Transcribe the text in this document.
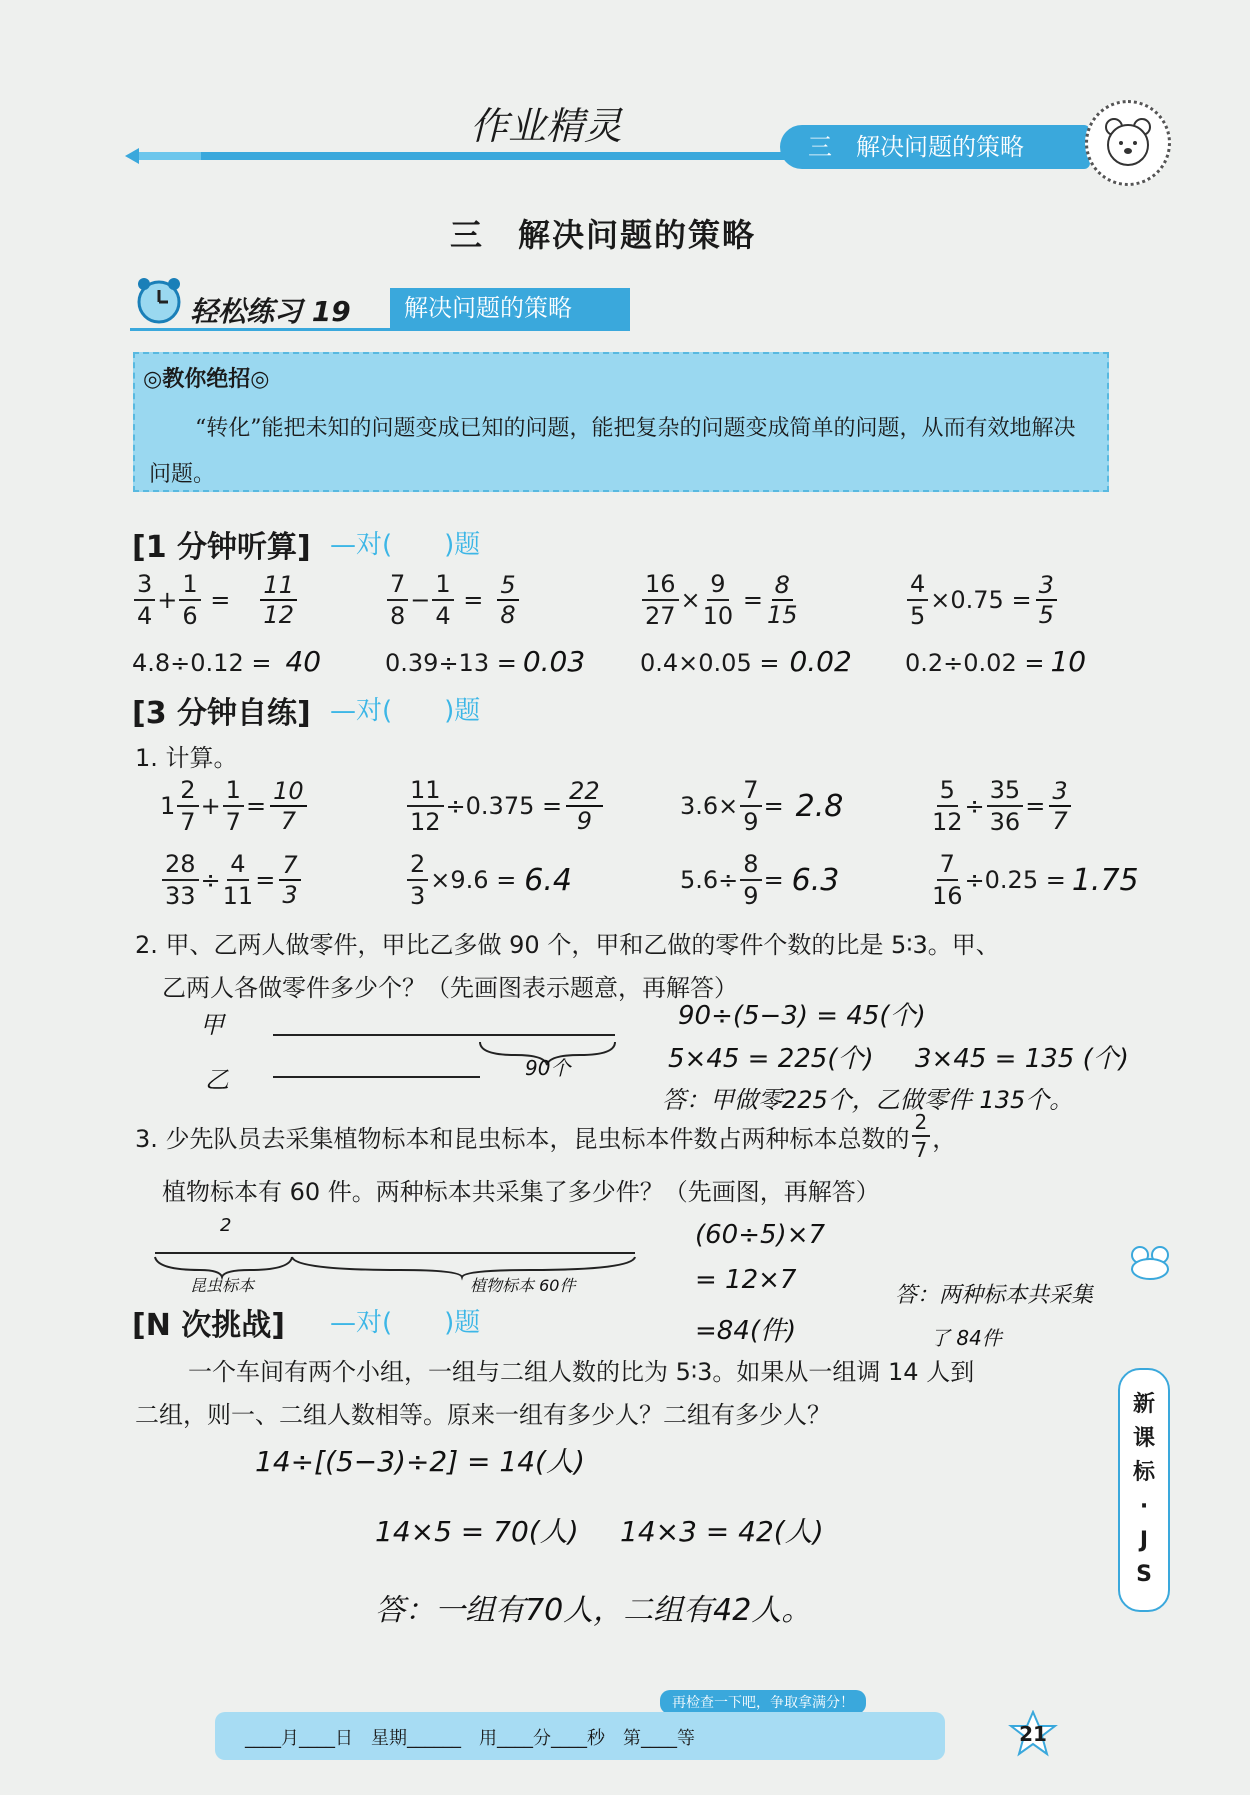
作业精灵	三　解决问题的策略
三　解决问题的策略
轻松练习 19	解决问题的策略
◎教你绝招◎
“转化”能把未知的问题变成已知的问题，能把复杂的问题变成简单的问题，从而有效地解决问题。
[1 分钟听算] —对(　　)题
$\frac{3}{4} + \frac{1}{6} = \frac{11}{12}$	$\frac{7}{8} - \frac{1}{4} = \frac{5}{8}$	$\frac{16}{27} \times \frac{9}{10} = \frac{8}{15}$	$\frac{4}{5} \times 0.75 = \frac{3}{5}$
4.8÷0.12 = 40	0.39÷13 = 0.03 0.4×0.05 = 0.02 0.2÷0.02 = 10
[3 分钟自练] —对(　　)题
1. 计算。
$1 \frac{2}{7} + \frac{1}{7} = \frac{10}{7}$	$\frac{11}{12} \div 0.375 = \frac{22}{9}$	$3.6\times \frac{7}{9} = 2.8$	$\frac{5}{12} \div \frac{35}{36} = \frac{3}{7}$
$\frac{28}{33} \div \frac{4}{11} = \frac{7}{3}$	$\frac{2}{3} \times 9.6 = 6.4$	$5.6\div \frac{8}{9} = 6.3$	$\frac{7}{16} \div 0.25 = 1.75$
2. 甲、乙两人做零件，甲比乙多做 90 个，甲和乙做的零件个数的比是 5∶3。甲、
乙两人各做零件多少个？（先画图表示题意，再解答）
甲
乙	90个
90÷(5−3) = 45(个)
5×45 = 225(个) 3×45 = 135 (个)
答：甲做零225个，乙做零件 135个。
3. 少先队员去采集植物标本和昆虫标本，昆虫标本件数占两种标本总数的 $\frac{2}{7}$ ，
植物标本有 60 件。两种标本共采集了多少件？（先画图，再解答）
2
昆虫标本	植物标本 60件
(60÷5)×7
= 12×7
=84(件)
答：两种标本共采集
了 84件
[N 次挑战] —对(　　)题
一个车间有两个小组，一组与二组人数的比为 5∶3。如果从一组调 14 人到
二组，则一、二组人数相等。原来一组有多少人？二组有多少人？
14÷[(5−3)÷2] = 14(人)
14×5 = 70(人) 14×3 = 42(人)
答：一组有70人，二组有42人。
新
课
标
·
J
S
再检查一下吧，争取拿满分！
____月____日　星期______　用____分____秒　第____等	21
